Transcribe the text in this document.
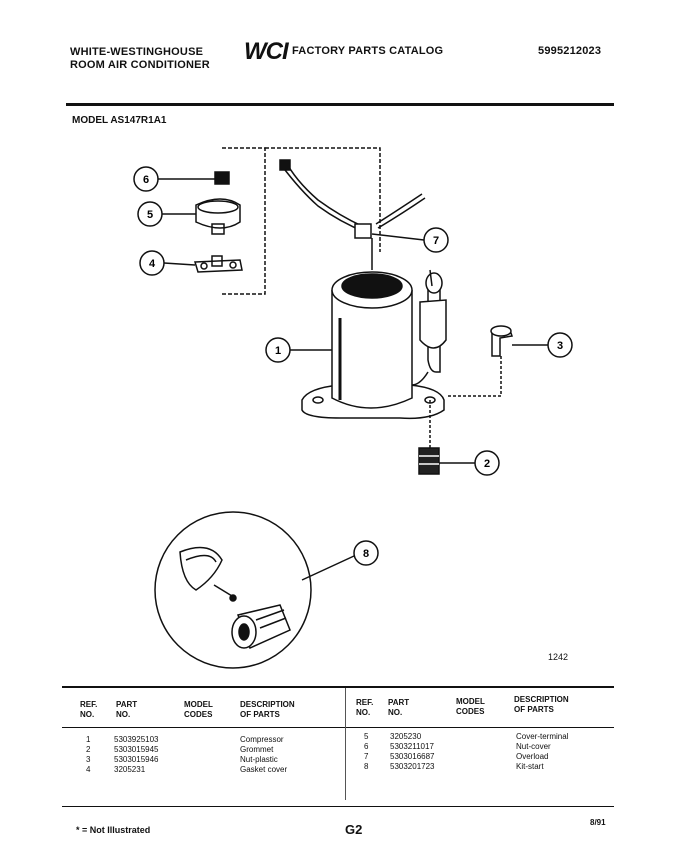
WHITE-WESTINGHOUSE
ROOM AIR CONDITIONER WCI FACTORY PARTS CATALOG	5995212023
MODEL AS147R1A1
6
5
4
7
1	3
2
8
1242
REF.
NO.
PART
NO.
MODEL
CODES
DESCRIPTION
OF PARTS
REF.
NO.
PART
NO.
MODEL
CODES
DESCRIPTION
OF PARTS
1	5303925103	Compressor
2	5303015945	Grommet
3	5303015946	Nut-plastic
4	3205231	Gasket cover
5	3205230	Cover-terminal
6	5303211017	Nut-cover
7	5303016687	Overload
8	5303201723	Kit-start
* = Not Illustrated	G2	8/91
